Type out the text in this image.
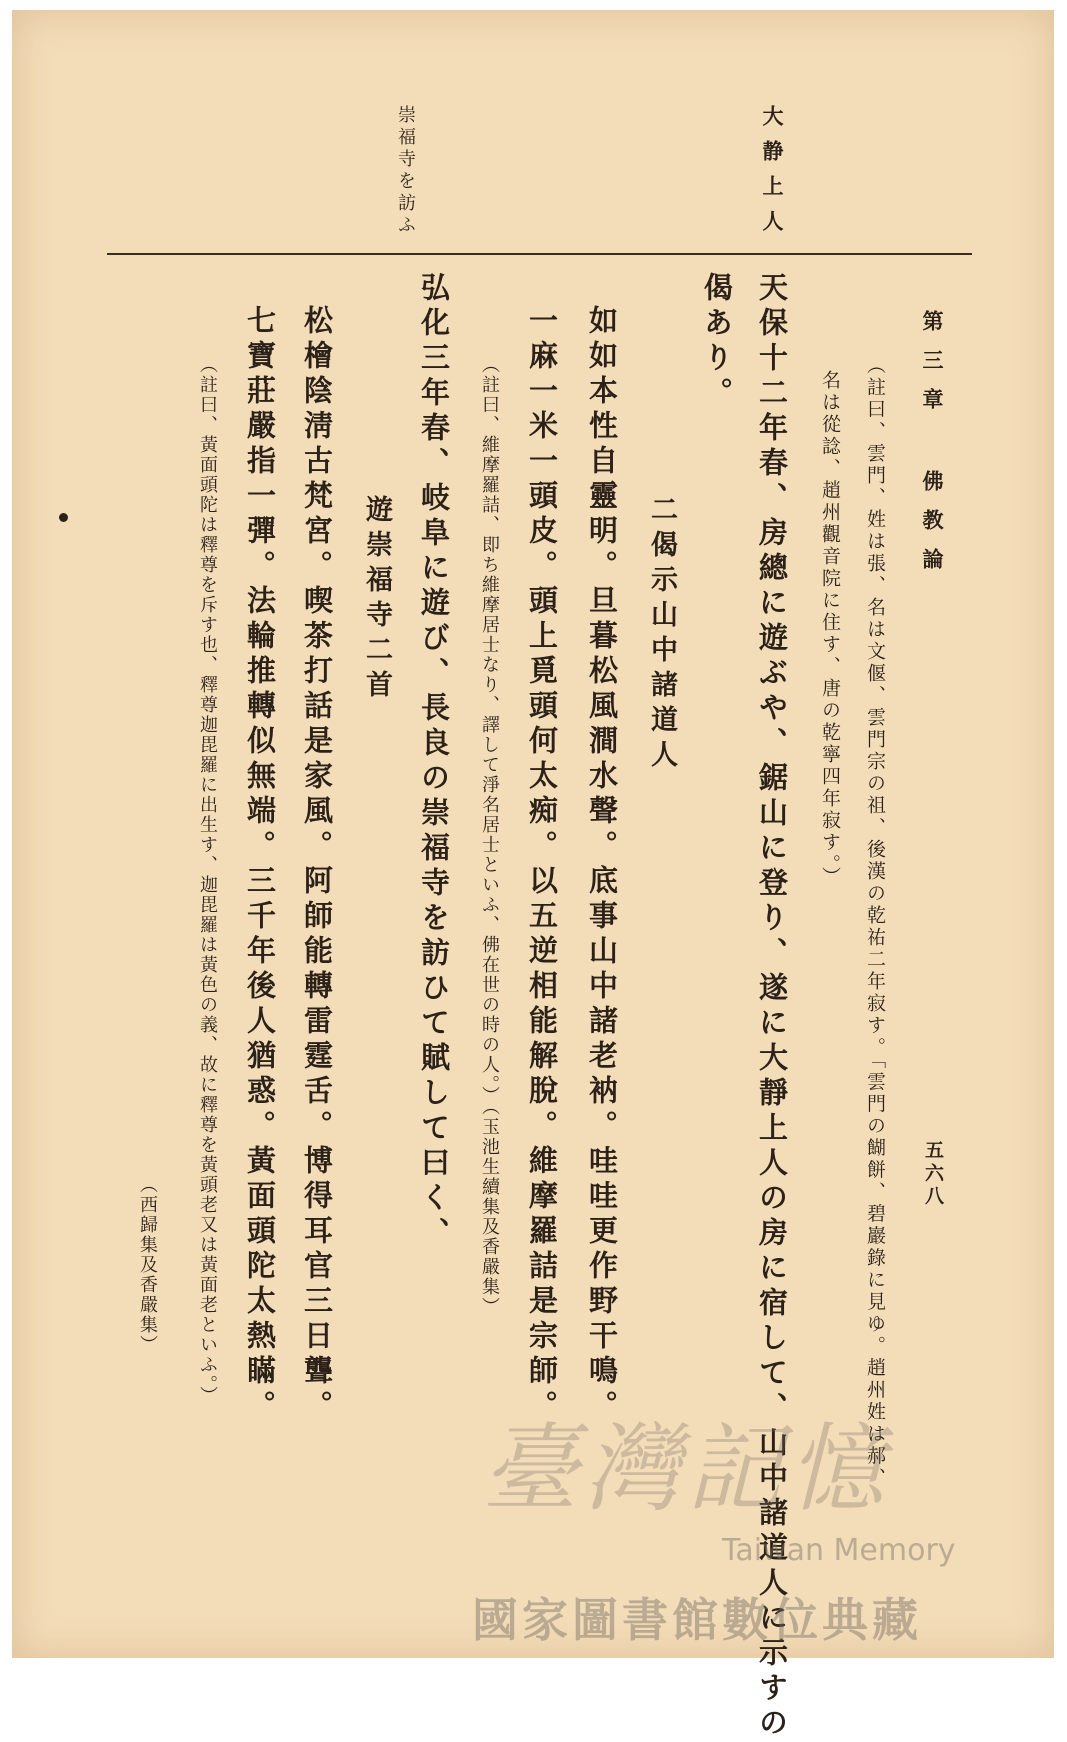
第三章 佛教論
五六八
大静上人
崇福寺を訪ふ
（註曰、雲門、姓は張、名は文偃、雲門宗の祖、後漢の乾祐二年寂す。「雲門の餬餅、碧巖錄に見ゆ。趙州姓は郝、
名は從諗、趙州觀音院に住す、唐の乾寧四年寂す。）
天保十二年春、房總に遊ぶや、鋸山に登り、遂に大靜上人の房に宿して、山中諸道人に示すの
偈あり。
二偈示山中諸道人
如如本性自靈明。旦暮松風澗水聲。底事山中諸老衲。哇哇更作野干鳴。
一麻一米一頭皮。頭上覓頭何太痴。以五逆相能解脫。維摩羅詰是宗師。
（註曰、維摩羅詰、即ち維摩居士なり、譯して淨名居士といふ、佛在世の時の人。）（玉池生續集及香嚴集）
弘化三年春、岐阜に遊び、長良の崇福寺を訪ひて賦して曰く、
遊崇福寺二首
松檜陰淸古梵宮。喫茶打話是家風。阿師能轉雷霆舌。博得耳官三日聾。
七寶莊嚴指一彈。法輪推轉似無端。三千年後人猶惑。黃面頭陀太熱瞞。
（註曰、黃面頭陀は釋尊を斥す也、釋尊迦毘羅に出生す、迦毘羅は黃色の義、故に釋尊を黃頭老又は黃面老といふ。）
（西歸集及香嚴集）
臺灣記憶
Taiwan Memory
國家圖書館數位典藏
